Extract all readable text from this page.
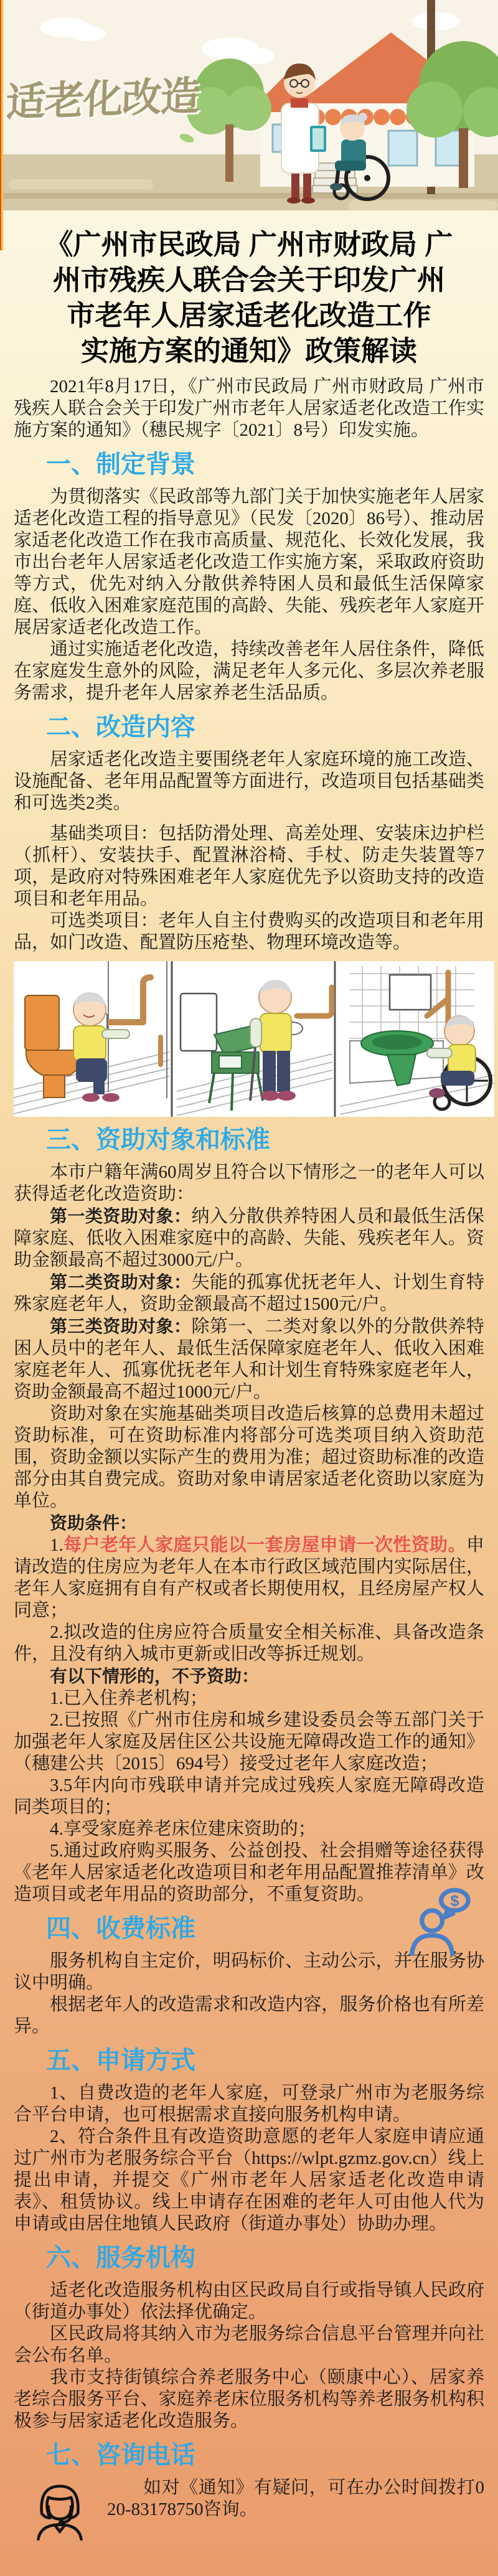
适老化改造
《广州市民政局 广州市财政局 广
州市残疾人联合会关于印发广州
市老年人居家适老化改造工作
实施方案的通知》政策解读

2021年8月17日，《广州市民政局 广州市财政局 广州市残疾人联合会关于印发广州市老年人居家适老化改造工作实施方案的通知》（穗民规字〔2021〕8号）印发实施。

一、制定背景

为贯彻落实《民政部等九部门关于加快实施老年人居家适老化改造工程的指导意见》（民发〔2020〕86号）、推动居家适老化改造工作在我市高质量、规范化、长效化发展，我市出台老年人居家适老化改造工作实施方案，采取政府资助等方式，优先对纳入分散供养特困人员和最低生活保障家庭、低收入困难家庭范围的高龄、失能、残疾老年人家庭开展居家适老化改造工作。

通过实施适老化改造，持续改善老年人居住条件，降低在家庭发生意外的风险，满足老年人多元化、多层次养老服务需求，提升老年人居家养老生活品质。

二、改造内容

居家适老化改造主要围绕老年人家庭环境的施工改造、设施配备、老年用品配置等方面进行，改造项目包括基础类和可选类2类。

基础类项目：包括防滑处理、高差处理、安装床边护栏（抓杆）、安装扶手、配置淋浴椅、手杖、防走失装置等7项，是政府对特殊困难老年人家庭优先予以资助支持的改造项目和老年用品。

可选类项目：老年人自主付费购买的改造项目和老年用品，如门改造、配置防压疮垫、物理环境改造等。

三、资助对象和标准

本市户籍年满60周岁且符合以下情形之一的老年人可以获得适老化改造资助：

第一类资助对象：纳入分散供养特困人员和最低生活保障家庭、低收入困难家庭中的高龄、失能、残疾老年人。资助金额最高不超过3000元/户。

第二类资助对象：失能的孤寡优抚老年人、计划生育特殊家庭老年人，资助金额最高不超过1500元/户。

第三类资助对象：除第一、二类对象以外的分散供养特困人员中的老年人、最低生活保障家庭老年人、低收入困难家庭老年人、孤寡优抚老年人和计划生育特殊家庭老年人，资助金额最高不超过1000元/户。

资助对象在实施基础类项目改造后核算的总费用未超过资助标准，可在资助标准内将部分可选类项目纳入资助范围，资助金额以实际产生的费用为准；超过资助标准的改造部分由其自费完成。资助对象申请居家适老化资助以家庭为单位。

资助条件：

1.每户老年人家庭只能以一套房屋申请一次性资助。申请改造的住房应为老年人在本市行政区域范围内实际居住，老年人家庭拥有自有产权或者长期使用权，且经房屋产权人同意；

2.拟改造的住房应符合质量安全相关标准、具备改造条件，且没有纳入城市更新或旧改等拆迁规划。

有以下情形的，不予资助：

1.已入住养老机构；

2.已按照《广州市住房和城乡建设委员会等五部门关于加强老年人家庭及居住区公共设施无障碍改造工作的通知》（穗建公共〔2015〕694号）接受过老年人家庭改造；

3.5年内向市残联申请并完成过残疾人家庭无障碍改造同类项目的；

4.享受家庭养老床位建床资助的；

5.通过政府购买服务、公益创投、社会捐赠等途径获得《老年人居家适老化改造项目和老年用品配置推荐清单》改造项目或老年用品的资助部分，不重复资助。

四、收费标准
$

服务机构自主定价，明码标价、主动公示，并在服务协议中明确。

根据老年人的改造需求和改造内容，服务价格也有所差异。

五、申请方式

1、自费改造的老年人家庭，可登录广州市为老服务综合平台申请，也可根据需求直接向服务机构申请。

2、符合条件且有改造资助意愿的老年人家庭申请应通过广州市为老服务综合平台（https://wlpt.gzmz.gov.cn）线上提出申请，并提交《广州市老年人居家适老化改造申请表》、租赁协议。线上申请存在困难的老年人可由他人代为申请或由居住地镇人民政府（街道办事处）协助办理。

六、服务机构

适老化改造服务机构由区民政局自行或指导镇人民政府（街道办事处）依法择优确定。

区民政局将其纳入市为老服务综合信息平台管理并向社会公布名单。

我市支持街镇综合养老服务中心（颐康中心）、居家养老综合服务平台、家庭养老床位服务机构等养老服务机构积极参与居家适老化改造服务。

七、咨询电话

如对《通知》有疑问，可在办公时间拨打020-83178750咨询。
